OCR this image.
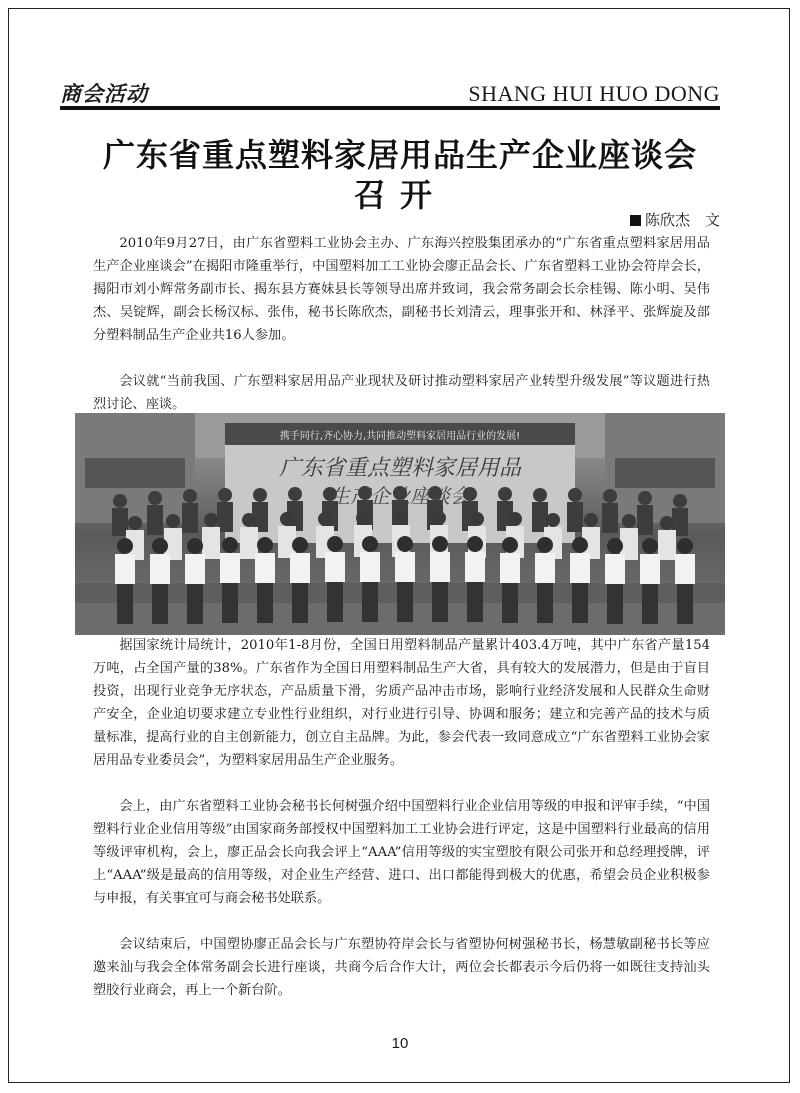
商会活动	SHANG HUI HUO DONG
广东省重点塑料家居用品生产企业座谈会
召开
陈欣杰　文

2010年9月27日，由广东省塑料工业协会主办、广东海兴控股集团承办的“广东省重点塑料家居用品生产企业座谈会”在揭阳市隆重举行，中国塑料加工工业协会廖正品会长、广东省塑料工业协会符岸会长，揭阳市刘小辉常务副市长、揭东县方赛妹县长等领导出席并致词，我会常务副会长佘桂锡、陈小明、吴伟杰、吴锭辉，副会长杨汉标、张伟，秘书长陈欣杰，副秘书长刘清云，理事张开和、林泽平、张辉旋及部分塑料制品生产企业共16人参加。

会议就“当前我国、广东塑料家居用品产业现状及研讨推动塑料家居产业转型升级发展”等议题进行热烈讨论、座谈。

携手同行,齐心协力,共同推动塑料家居用品行业的发展!
广东省重点塑料家居用品

据国家统计局统计，2010年1-8月份，全国日用塑料制品产量累计403.4万吨，其中广东省产量154万吨，占全国产量的38%。广东省作为全国日用塑料制品生产大省，具有较大的发展潜力，但是由于盲目投资，出现行业竞争无序状态，产品质量下滑，劣质产品冲击市场，影响行业经济发展和人民群众生命财产安全，企业迫切要求建立专业性行业组织，对行业进行引导、协调和服务；建立和完善产品的技术与质量标准，提高行业的自主创新能力，创立自主品牌。为此，参会代表一致同意成立“广东省塑料工业协会家居用品专业委员会”，为塑料家居用品生产企业服务。

会上，由广东省塑料工业协会秘书长何树强介绍中国塑料行业企业信用等级的申报和评审手续，“中国塑料行业企业信用等级”由国家商务部授权中国塑料加工工业协会进行评定，这是中国塑料行业最高的信用等级评审机构，会上，廖正品会长向我会评上“AAA”信用等级的实宝塑胶有限公司张开和总经理授牌，评上“AAA”级是最高的信用等级，对企业生产经营、进口、出口都能得到极大的优惠，希望会员企业积极参与申报，有关事宜可与商会秘书处联系。

会议结束后，中国塑协廖正品会长与广东塑协符岸会长与省塑协何树强秘书长，杨慧敏副秘书长等应邀来汕与我会全体常务副会长进行座谈，共商今后合作大计，两位会长都表示今后仍将一如既往支持汕头塑胶行业商会，再上一个新台阶。

10
